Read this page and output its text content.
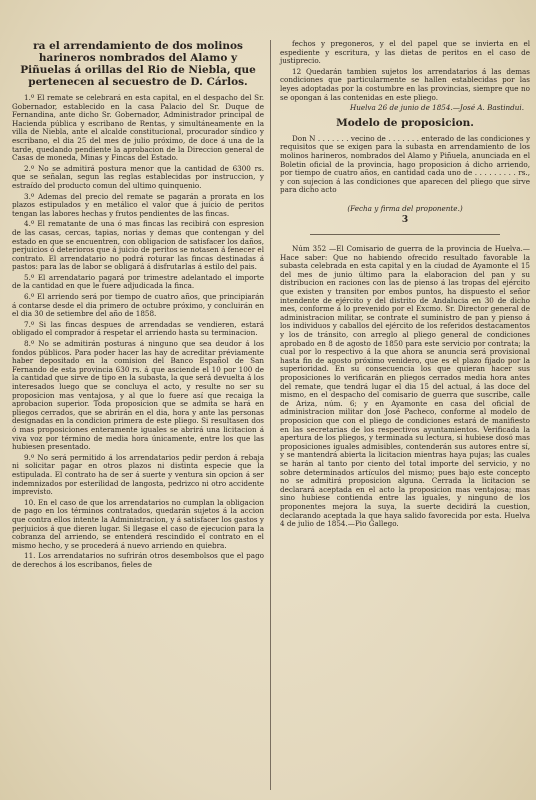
ra el arrendamiento de dos molinos harineros nombrados del Alamo y Piñuelas á orillas del Rio de Niebla, que pertenecen al secuestro de D. Cárlos.

1.º El remate se celebrará en esta capital, en el despacho del Sr. Gobernador, establecido en la casa Palacio del Sr. Duque de Fernandina, ante dicho Sr. Gobernador, Administrador principal de Hacienda pública y escribano de Rentas, y simultáneamente en la villa de Niebla, ante el alcalde constitucional, procurador síndico y escribano, el dia 25 del mes de julio próximo, de doce á una de la tarde, quedando pendiente la aprobacion de la Direccion general de Casas de moneda, Minas y Fincas del Estado.

2.º No se admitirá postura menor que la cantidad de 6300 rs. que se señalan, segun las reglas establecidas por instruccion, y estraído del producto comun del ultimo quinquenio.

3.º Ademas del precio del remate se pagarán a prorata en los plazos estipulados y en metálico el valor que á juicio de peritos tengan las labores hechas y frutos pendientes de las fincas.

4.º El rematante de una ó mas fincas las recibirá con espresion de las casas, cercas, tapias, norias y demas que contengan y del estado en que se encuentren, con obligacion de satisfacer los daños, perjuicios ó deterioros que á juicio de peritos se notasen á fenecer el contrato. El arrendatario no podrá roturar las fincas destinadas á pastos: para las de labor se obligará á disfrutarlas á estilo del pais.

5.º El arrendatario pagará por trimestre adelantado el importe de la cantidad en que le fuere adjudicada la finca.

6.º El arriendo será por tiempo de cuatro años, que principiarán á contarse desde el dia primero de octubre próximo, y concluirán en el dia 30 de setiembre del año de 1858.

7.º Si las fincas despues de arrendadas se vendieren, estará obligado el comprador á respetar el arriendo hasta su terminacion.

8.º No se admitirán posturas á ninguno que sea deudor á los fondos públicos. Para poder hacer las hay de acreditar préviamente haber depositado en la comision del Banco Español de San Fernando de esta provincia 630 rs. á que asciende el 10 por 100 de la cantidad que sirve de tipo en la subasta, la que será devuelta á los interesados luego que se concluya el acto, y resulte no ser su proposicion mas ventajosa, y al que lo fuere así que recaiga la aprobacion superior. Toda proposicion que se admita se hará en pliegos cerrados, que se abrirán en el dia, hora y ante las personas designadas en la condicion primera de este pliego. Si resultasen dos ó mas proposiciones enteramente iguales se abrirá una licitacion á viva voz por término de media hora únicamente, entre los que las hubiesen presentado.

9.º No será permitido á los arrendatarios pedir perdon á rebaja ni solicitar pagar en otros plazos ni distinta especie que la estipulada. El contrato ha de ser á suerte y ventura sin opcion á ser indemnizados por esterilidad de langosta, pedrizco ni otro accidente imprevisto.

10. En el caso de que los arrendatarios no cumplan la obligacion de pago en los términos contratados, quedarán sujetos á la accion que contra ellos intente la Administracion, y á satisfacer los gastos y perjuicios á que dieren lugar. Si llegase el caso de ejecucion para la cobranza del arriendo, se entenderá rescindido el contrato en el mismo hecho, y se procederá á nuevo arriendo en quiebra.

11. Los arrendatarios no sufrirán otros desembolsos que el pago de derechos á los escribanos, fieles de

fechos y pregoneros, y el del papel que se invierta en el espediente y escritura, y las dietas de peritos en el caso de justiprecio.

12 Quedarán tambien sujetos los arrendatarios á las demas condiciones que particularmente se hallen establecidas por las leyes adoptadas por la costumbre en las provincias, siempre que no se opongan á las contenidas en este pliego.

Huelva 26 de junio de 1854.—José A. Bastindui.

Modelo de proposicion.

Don N . . . . . . . vecino de . . . . . . . enterado de las condiciones y requisitos que se exigen para la subasta en arrendamiento de los molinos harineros, nombrados del Alamo y Piñuela, anunciada en el Boletin oficial de la provincia, hago proposicion á dicho arriendo, por tiempo de cuatro años, en cantidad cada uno de . . . . . . . . . rs., y con sujecion á las condiciones que aparecen del pliego que sirve para dicho acto

(Fecha y firma del proponente.)
3

Núm 352 —El Comisario de guerra de la provincia de Huelva.—Hace saber: Que no habiendo ofrecido resultado favorable la subasta celebrada en esta capital y en la ciudad de Ayamonte el 15 del mes de junio último para la elaboracion del pan y su distribucion en raciones con las de pienso á las tropas del ejército que existen y transiten por embos puntos, ha dispuesto el señor intendente de ejército y del distrito de Andalucia en 30 de dicho mes, conforme á lo prevenido por el Excmo. Sr. Director general de administracion militar, se contrate el suministro de pan y pienso á los individuos y caballos del ejército de los referidos destacamentos y los de tránsito, con arreglo al pliego general de condiciones aprobado en 8 de agosto de 1850 para este servicio por contrata; la cual por lo respectivo á la que ahora se anuncia será provisional hasta fin de agosto próximo venidero, que es el plazo fijado por la superioridad. En su consecuencia los que quieran hacer sus proposiciones lo verificarán en pliegos cerrados media hora antes del remate, que tendrá lugar el dia 15 del actual, á las doce del mismo, en el despacho del comisario de guerra que suscribe, calle de Ariza, núm. 6; y en Ayamonte en casa del oficial de administracion militar don José Pacheco, conforme al modelo de proposicion que con el pliego de condiciones estará de manifiesto en las secretarias de los respectivos ayuntamientos. Verificada la apertura de los pliegos, y terminada su lectura, si hubiese dosó mas proposiciones iguales admisibles, contenderán sus autores entre sí, y se mantendrá abierta la licitacion mientras haya pujas; las cuales se harán al tanto por ciento del total importe del servicio, y no sobre determinados artículos del mismo; pues bajo este concepto no se admitirá proposicion alguna. Cerrada la licitacion se declarará aceptada en el acto la proposicion mas ventajosa; mas sino hubiese contienda entre las iguales, y ninguno de los proponentes mejora la suya, la suerte decidirá la cuestion, declarando aceptada la que haya salido favorecida por esta. Huelva 4 de julio de 1854.—Pio Gallego.
